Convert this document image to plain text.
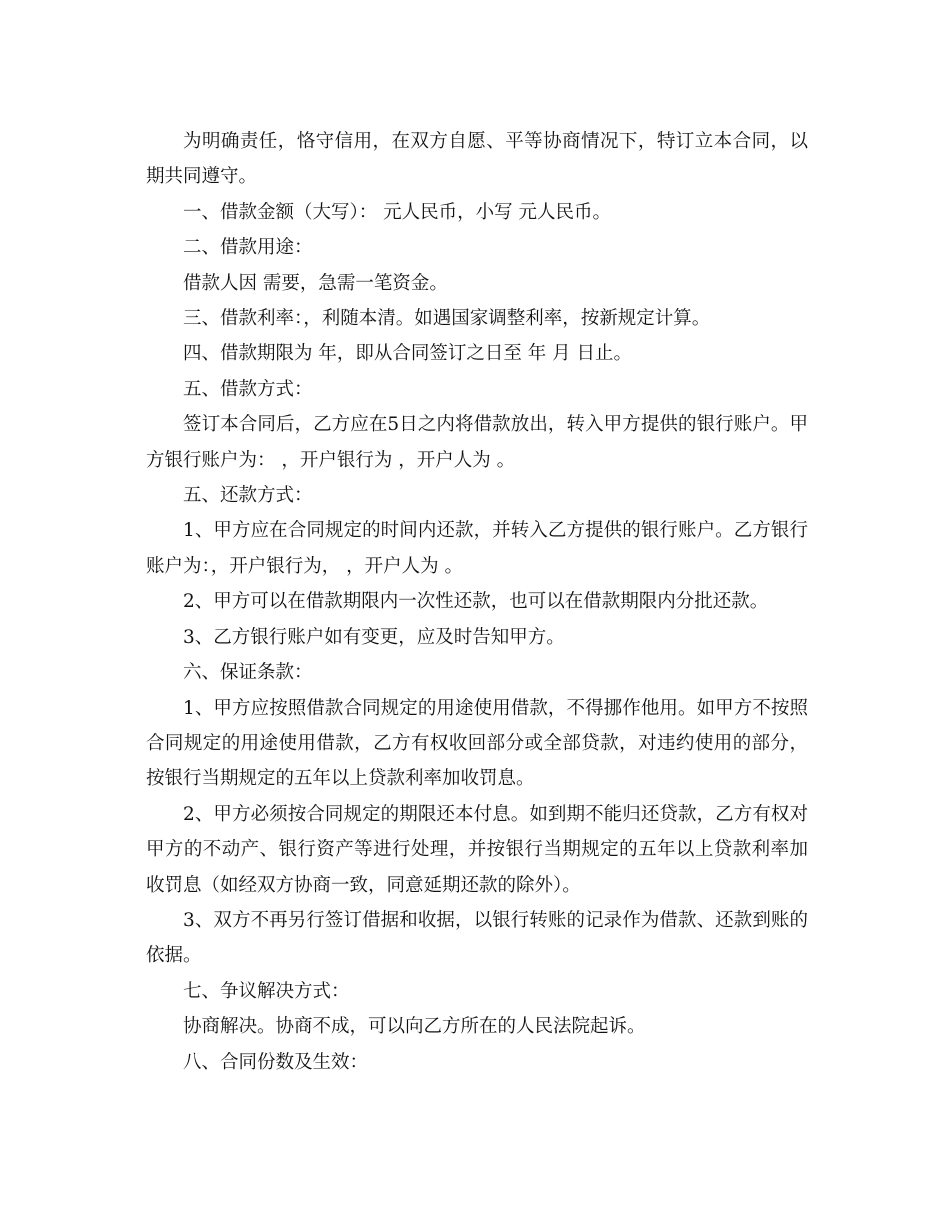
为明确责任，恪守信用，在双方自愿、平等协商情况下，特订立本合同，以期共同遵守。

一、借款金额（大写）： 元人民币，小写 元人民币。

二、借款用途：

借款人因 需要，急需一笔资金。

三、借款利率：，利随本清。如遇国家调整利率，按新规定计算。

四、借款期限为 年，即从合同签订之日至 年 月 日止。

五、借款方式：

签订本合同后，乙方应在5日之内将借款放出，转入甲方提供的银行账户。甲方银行账户为： ，开户银行为 ，开户人为 。

五、还款方式：

1、甲方应在合同规定的时间内还款，并转入乙方提供的银行账户。乙方银行账户为：，开户银行为， ，开户人为 。

2、甲方可以在借款期限内一次性还款，也可以在借款期限内分批还款。

3、乙方银行账户如有变更，应及时告知甲方。

六、保证条款：

1、甲方应按照借款合同规定的用途使用借款，不得挪作他用。如甲方不按照合同规定的用途使用借款，乙方有权收回部分或全部贷款，对违约使用的部分，按银行当期规定的五年以上贷款利率加收罚息。

2、甲方必须按合同规定的期限还本付息。如到期不能归还贷款，乙方有权对甲方的不动产、银行资产等进行处理，并按银行当期规定的五年以上贷款利率加收罚息（如经双方协商一致，同意延期还款的除外）。

3、双方不再另行签订借据和收据，以银行转账的记录作为借款、还款到账的依据。

七、争议解决方式：

协商解决。协商不成，可以向乙方所在的人民法院起诉。

八、合同份数及生效：
